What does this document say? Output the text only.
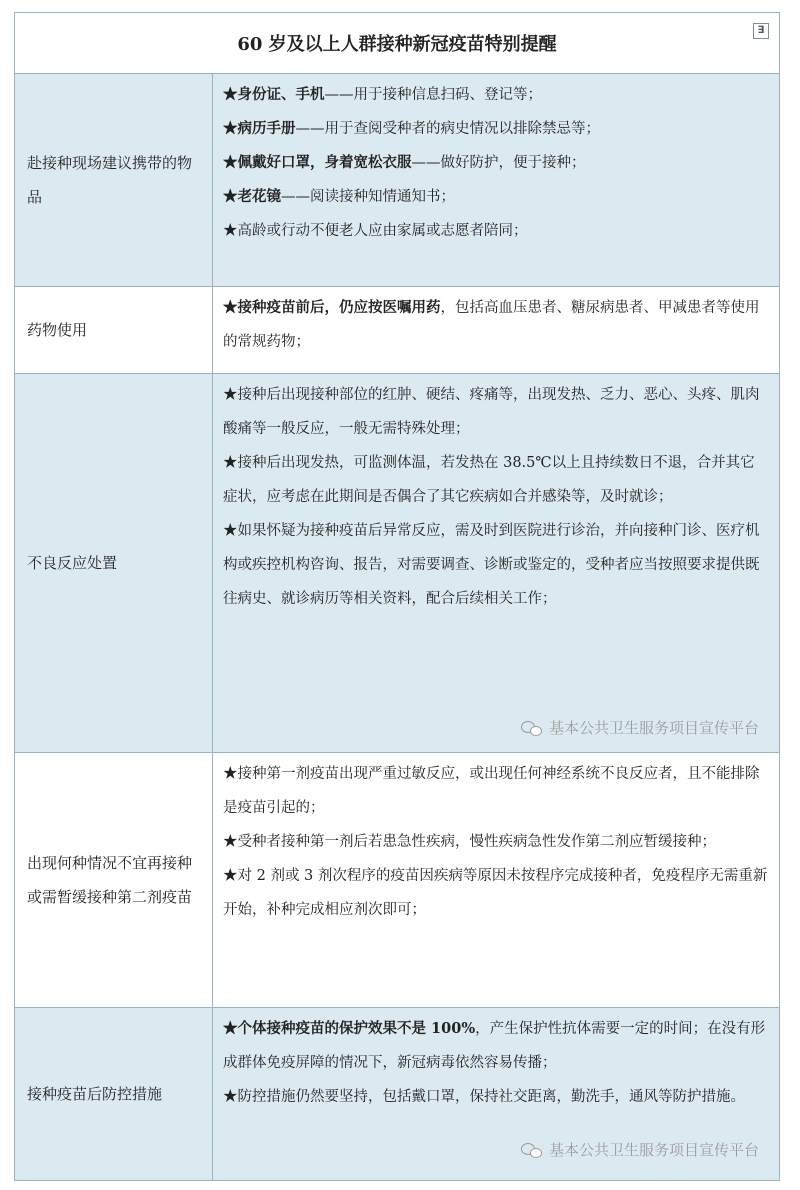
60 岁及以上人群接种新冠疫苗特别提醒
∃
赴接种现场建议携带的物品

★身份证、手机——用于接种信息扫码、登记等；

★病历手册——用于查阅受种者的病史情况以排除禁忌等；

★佩戴好口罩，身着宽松衣服——做好防护，便于接种；

★老花镜——阅读接种知情通知书；

★高龄或行动不便老人应由家属或志愿者陪同；

药物使用

★接种疫苗前后，仍应按医嘱用药，包括高血压患者、糖尿病患者、甲减患者等使用的常规药物；

不良反应处置

★接种后出现接种部位的红肿、硬结、疼痛等，出现发热、乏力、恶心、头疼、肌肉酸痛等一般反应，一般无需特殊处理；

★接种后出现发热，可监测体温，若发热在 38.5℃以上且持续数日不退，合并其它症状，应考虑在此期间是否偶合了其它疾病如合并感染等，及时就诊；

★如果怀疑为接种疫苗后异常反应，需及时到医院进行诊治，并向接种门诊、医疗机构或疾控机构咨询、报告，对需要调查、诊断或鉴定的，受种者应当按照要求提供既往病史、就诊病历等相关资料，配合后续相关工作；

基本公共卫生服务项目宣传平台
出现何种情况不宜再接种或需暂缓接种第二剂疫苗

★接种第一剂疫苗出现严重过敏反应，或出现任何神经系统不良反应者，且不能排除是疫苗引起的；

★受种者接种第一剂后若患急性疾病，慢性疾病急性发作第二剂应暂缓接种；

★对 2 剂或 3 剂次程序的疫苗因疾病等原因未按程序完成接种者，免疫程序无需重新开始，补种完成相应剂次即可；

接种疫苗后防控措施

★个体接种疫苗的保护效果不是 100%，产生保护性抗体需要一定的时间；在没有形成群体免疫屏障的情况下，新冠病毒依然容易传播；

★防控措施仍然要坚持，包括戴口罩，保持社交距离，勤洗手，通风等防护措施。

基本公共卫生服务项目宣传平台
